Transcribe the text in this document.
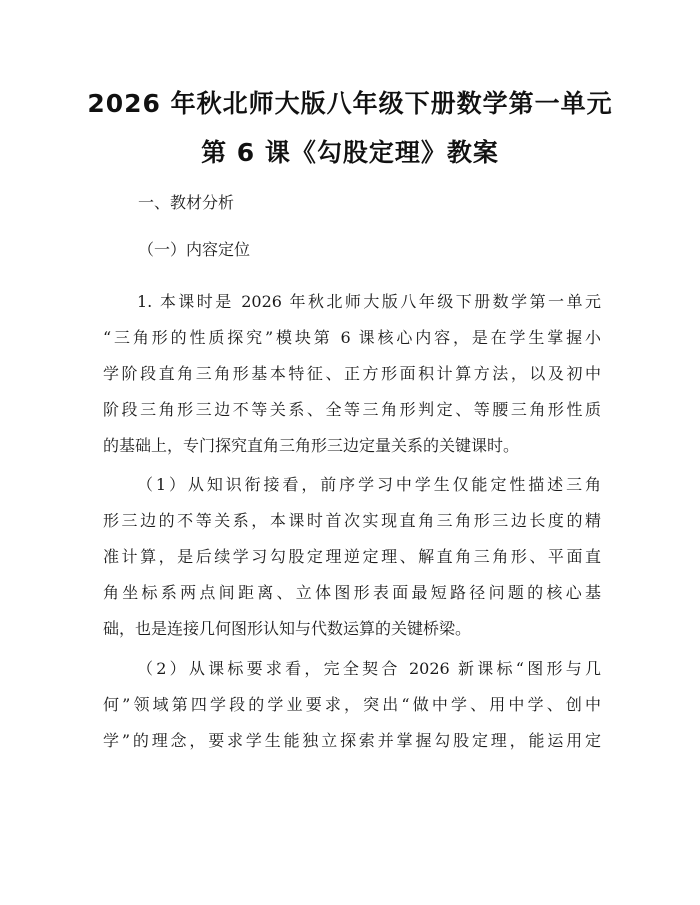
2026 年秋北师大版八年级下册数学第一单元
第 6 课《勾股定理》教案
一、教材分析
（一）内容定位
1. 本课时是 2026 年秋北师大版八年级下册数学第一单元
“三角形的性质探究”模块第 6 课核心内容，是在学生掌握小
学阶段直角三角形基本特征、正方形面积计算方法，以及初中
阶段三角形三边不等关系、全等三角形判定、等腰三角形性质
的基础上，专门探究直角三角形三边定量关系的关键课时。
（1）从知识衔接看，前序学习中学生仅能定性描述三角
形三边的不等关系，本课时首次实现直角三角形三边长度的精
准计算，是后续学习勾股定理逆定理、解直角三角形、平面直
角坐标系两点间距离、立体图形表面最短路径问题的核心基
础，也是连接几何图形认知与代数运算的关键桥梁。
（2）从课标要求看，完全契合 2026 新课标“图形与几
何”领域第四学段的学业要求，突出“做中学、用中学、创中
学”的理念，要求学生能独立探索并掌握勾股定理，能运用定
